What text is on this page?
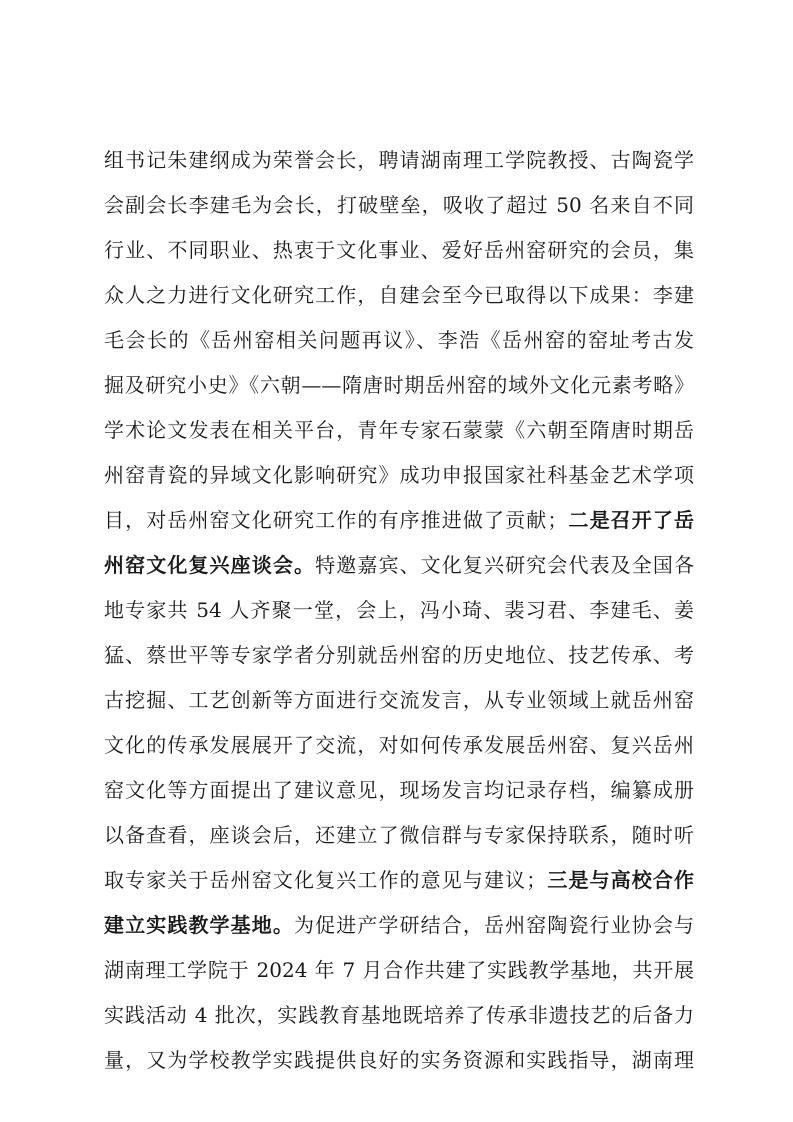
组书记朱建纲成为荣誉会长，聘请湖南理工学院教授、古陶瓷学
会副会长李建毛为会长，打破壁垒，吸收了超过 50 名来自不同
行业、不同职业、热衷于文化事业、爱好岳州窑研究的会员，集
众人之力进行文化研究工作，自建会至今已取得以下成果：李建
毛会长的《岳州窑相关问题再议》、李浩《岳州窑的窑址考古发
掘及研究小史》《六朝——隋唐时期岳州窑的域外文化元素考略》
学术论文发表在相关平台，青年专家石蒙蒙《六朝至隋唐时期岳
州窑青瓷的异域文化影响研究》成功申报国家社科基金艺术学项
目，对岳州窑文化研究工作的有序推进做了贡献；二是召开了岳
州窑文化复兴座谈会。特邀嘉宾、文化复兴研究会代表及全国各
地专家共 54 人齐聚一堂，会上，冯小琦、裴习君、李建毛、姜
猛、蔡世平等专家学者分别就岳州窑的历史地位、技艺传承、考
古挖掘、工艺创新等方面进行交流发言，从专业领域上就岳州窑
文化的传承发展展开了交流，对如何传承发展岳州窑、复兴岳州
窑文化等方面提出了建议意见，现场发言均记录存档，编纂成册
以备查看，座谈会后，还建立了微信群与专家保持联系，随时听
取专家关于岳州窑文化复兴工作的意见与建议；三是与高校合作
建立实践教学基地。为促进产学研结合，岳州窑陶瓷行业协会与
湖南理工学院于 2024 年 7 月合作共建了实践教学基地，共开展
实践活动 4 批次，实践教育基地既培养了传承非遗技艺的后备力
量，又为学校教学实践提供良好的实务资源和实践指导，湖南理
